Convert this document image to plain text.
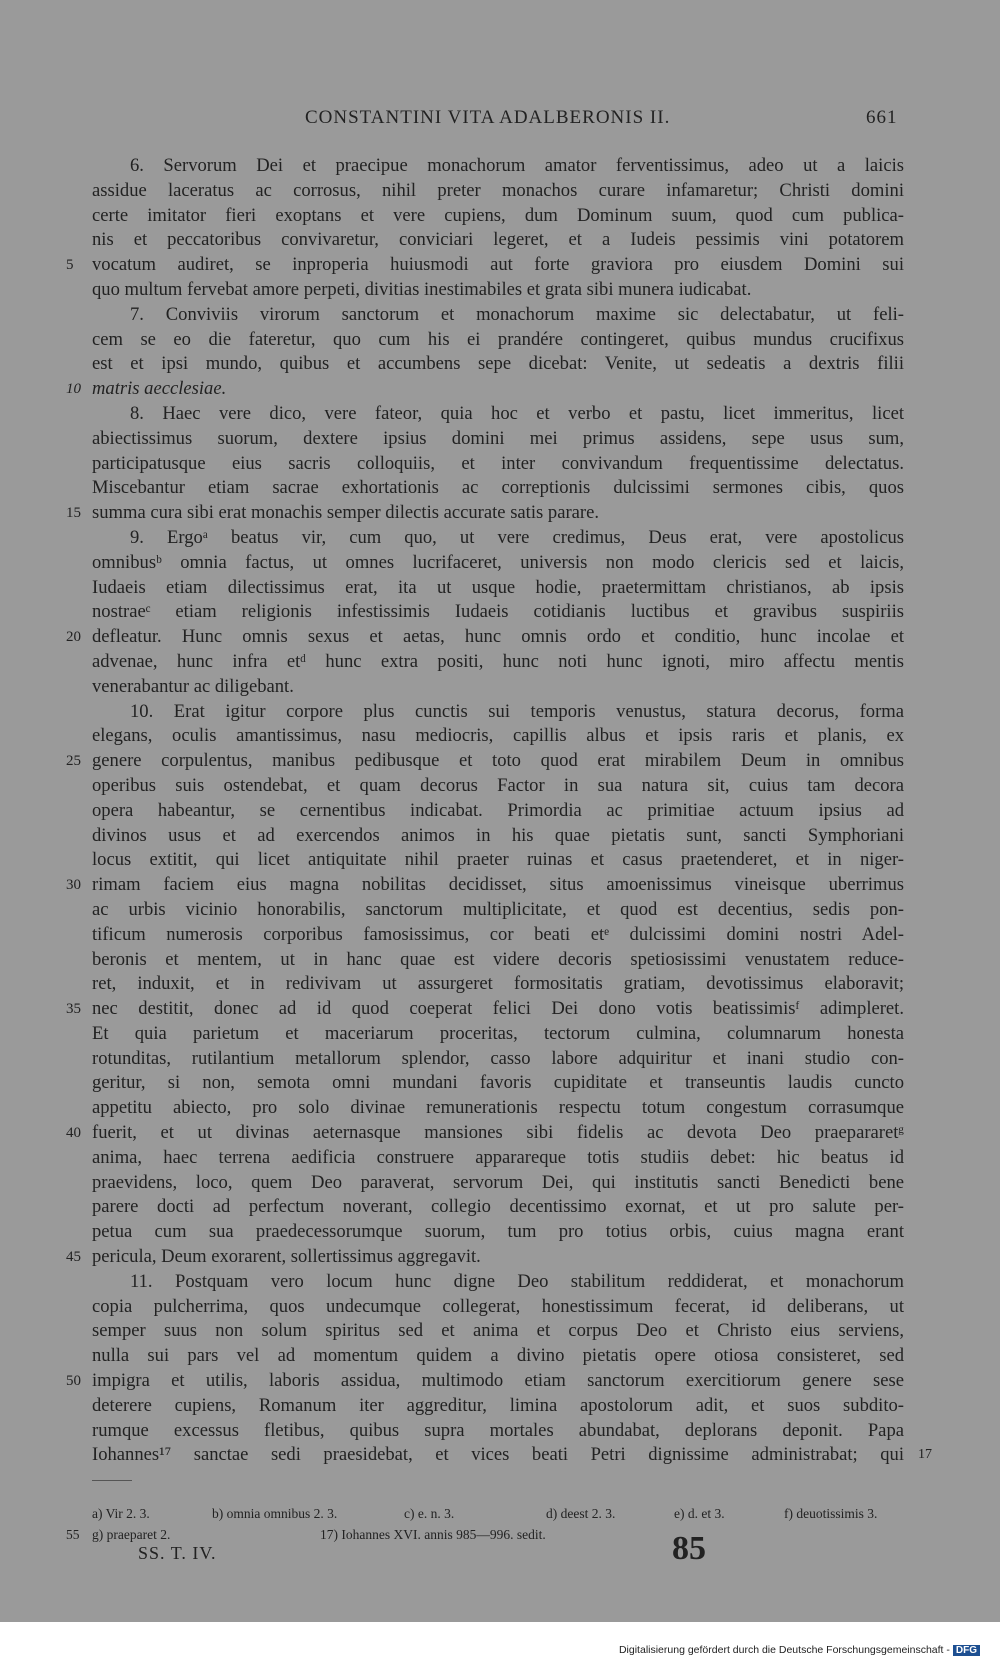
CONSTANTINI VITA ADALBERONIS II.	661
6. Servorum Dei et praecipue monachorum amator ferventissimus, adeo ut a laicis
assidue laceratus ac corrosus, nihil preter monachos curare infamaretur; Christi domini
certe imitator fieri exoptans et vere cupiens, dum Dominum suum, quod cum publica-
nis et peccatoribus convivaretur, conviciari legeret, et a Iudeis pessimis vini potatorem
5 vocatum audiret, se inproperia huiusmodi aut forte graviora pro eiusdem Domini sui
quo multum fervebat amore perpeti, divitias inestimabiles et grata sibi munera iudicabat.
7. Conviviis virorum sanctorum et monachorum maxime sic delectabatur, ut feli-
cem se eo die fateretur, quo cum his ei prandére contingeret, quibus mundus crucifixus
est et ipsi mundo, quibus et accumbens sepe dicebat: Venite, ut sedeatis a dextris filii
10 matris aecclesiae.
8. Haec vere dico, vere fateor, quia hoc et verbo et pastu, licet immeritus, licet
abiectissimus suorum, dextere ipsius domini mei primus assidens, sepe usus sum,
participatusque eius sacris colloquiis, et inter convivandum frequentissime delectatus.
Miscebantur etiam sacrae exhortationis ac correptionis dulcissimi sermones cibis, quos
15 summa cura sibi erat monachis semper dilectis accurate satis parare.
9. Ergoᵃ beatus vir, cum quo, ut vere credimus, Deus erat, vere apostolicus
omnibusᵇ omnia factus, ut omnes lucrifaceret, universis non modo clericis sed et laicis,
Iudaeis etiam dilectissimus erat, ita ut usque hodie, praetermittam christianos, ab ipsis
nostraeᶜ etiam religionis infestissimis Iudaeis cotidianis luctibus et gravibus suspiriis
20 defleatur. Hunc omnis sexus et aetas, hunc omnis ordo et conditio, hunc incolae et
advenae, hunc infra etᵈ hunc extra positi, hunc noti hunc ignoti, miro affectu mentis
venerabantur ac diligebant.
10. Erat igitur corpore plus cunctis sui temporis venustus, statura decorus, forma
elegans, oculis amantissimus, nasu mediocris, capillis albus et ipsis raris et planis, ex
25 genere corpulentus, manibus pedibusque et toto quod erat mirabilem Deum in omnibus
operibus suis ostendebat, et quam decorus Factor in sua natura sit, cuius tam decora
opera habeantur, se cernentibus indicabat. Primordia ac primitiae actuum ipsius ad
divinos usus et ad exercendos animos in his quae pietatis sunt, sancti Symphoriani
locus extitit, qui licet antiquitate nihil praeter ruinas et casus praetenderet, et in niger-
30 rimam faciem eius magna nobilitas decidisset, situs amoenissimus vineisque uberrimus
ac urbis vicinio honorabilis, sanctorum multiplicitate, et quod est decentius, sedis pon-
tificum numerosis corporibus famosissimus, cor beati etᵉ dulcissimi domini nostri Adel-
beronis et mentem, ut in hanc quae est videre decoris spetiosissimi venustatem reduce-
ret, induxit, et in redivivam ut assurgeret formositatis gratiam, devotissimus elaboravit;
35 nec destitit, donec ad id quod coeperat felici Dei dono votis beatissimisᶠ adimpleret.
Et quia parietum et maceriarum proceritas, tectorum culmina, columnarum honesta
rotunditas, rutilantium metallorum splendor, casso labore adquiritur et inani studio con-
geritur, si non, semota omni mundani favoris cupiditate et transeuntis laudis cuncto
appetitu abiecto, pro solo divinae remunerationis respectu totum congestum corrasumque
40 fuerit, et ut divinas aeternasque mansiones sibi fidelis ac devota Deo praepararetᵍ
anima, haec terrena aedificia construere apparareque totis studiis debet: hic beatus id
praevidens, loco, quem Deo paraverat, servorum Dei, qui institutis sancti Benedicti bene
parere docti ad perfectum noverant, collegio decentissimo exornat, et ut pro salute per-
petua cum sua praedecessorumque suorum, tum pro totius orbis, cuius magna erant
45 pericula, Deum exorarent, sollertissimus aggregavit.
11. Postquam vero locum hunc digne Deo stabilitum reddiderat, et monachorum
copia pulcherrima, quos undecumque collegerat, honestissimum fecerat, id deliberans, ut
semper suus non solum spiritus sed et anima et corpus Deo et Christo eius serviens,
nulla sui pars vel ad momentum quidem a divino pietatis opere otiosa consisteret, sed
50 impigra et utilis, laboris assidua, multimodo etiam sanctorum exercitiorum genere sese
deterere cupiens, Romanum iter aggreditur, limina apostolorum adit, et suos subdito-
rumque excessus fletibus, quibus supra mortales abundabat, deplorans deponit. Papa
Iohannes¹⁷ sanctae sedi praesidebat, et vices beati Petri dignissime administrabat; qui 17
a) Vir 2. 3.	b) omnia omnibus 2. 3.	c) e. n. 3.	d) deest 2. 3.	e) d. et 3.	f) deuotissimis 3.
55 g) praeparet 2.	17) Iohannes XVI. annis 985—996. sedit.
SS. T. IV.	85
Digitalisierung gefördert durch die Deutsche Forschungsgemeinschaft - DFG
